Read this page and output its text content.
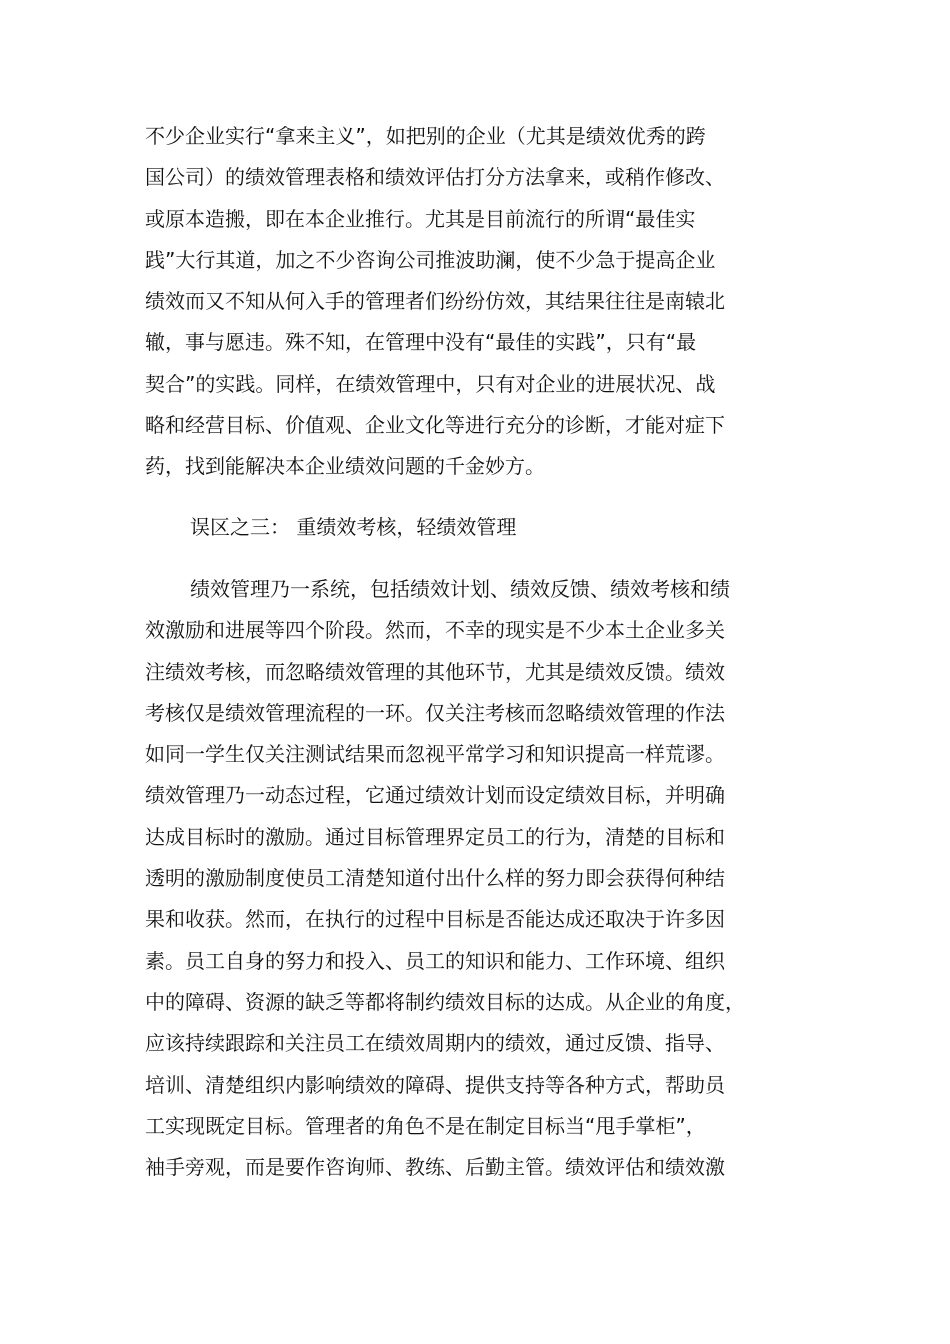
不少企业实行“拿来主义”，如把别的企业（尤其是绩效优秀的跨
国公司）的绩效管理表格和绩效评估打分方法拿来，或稍作修改、
或原本造搬，即在本企业推行。尤其是目前流行的所谓“最佳实
践”大行其道，加之不少咨询公司推波助澜，使不少急于提高企业
绩效而又不知从何入手的管理者们纷纷仿效，其结果往往是南辕北
辙，事与愿违。殊不知，在管理中没有“最佳的实践”，只有“最
契合”的实践。同样，在绩效管理中，只有对企业的进展状况、战
略和经营目标、价值观、企业文化等进行充分的诊断，才能对症下
药，找到能解决本企业绩效问题的千金妙方。
误区之三： 重绩效考核，轻绩效管理
绩效管理乃一系统，包括绩效计划、绩效反馈、绩效考核和绩
效激励和进展等四个阶段。然而，不幸的现实是不少本土企业多关
注绩效考核，而忽略绩效管理的其他环节，尤其是绩效反馈。绩效
考核仅是绩效管理流程的一环。仅关注考核而忽略绩效管理的作法
如同一学生仅关注测试结果而忽视平常学习和知识提高一样荒谬。
绩效管理乃一动态过程，它通过绩效计划而设定绩效目标，并明确
达成目标时的激励。通过目标管理界定员工的行为，清楚的目标和
透明的激励制度使员工清楚知道付出什么样的努力即会获得何种结
果和收获。然而，在执行的过程中目标是否能达成还取决于许多因
素。员工自身的努力和投入、员工的知识和能力、工作环境、组织
中的障碍、资源的缺乏等都将制约绩效目标的达成。从企业的角度，
应该持续跟踪和关注员工在绩效周期内的绩效，通过反馈、指导、
培训、清楚组织内影响绩效的障碍、提供支持等各种方式，帮助员
工实现既定目标。管理者的角色不是在制定目标当“甩手掌柜”，
袖手旁观，而是要作咨询师、教练、后勤主管。绩效评估和绩效激
